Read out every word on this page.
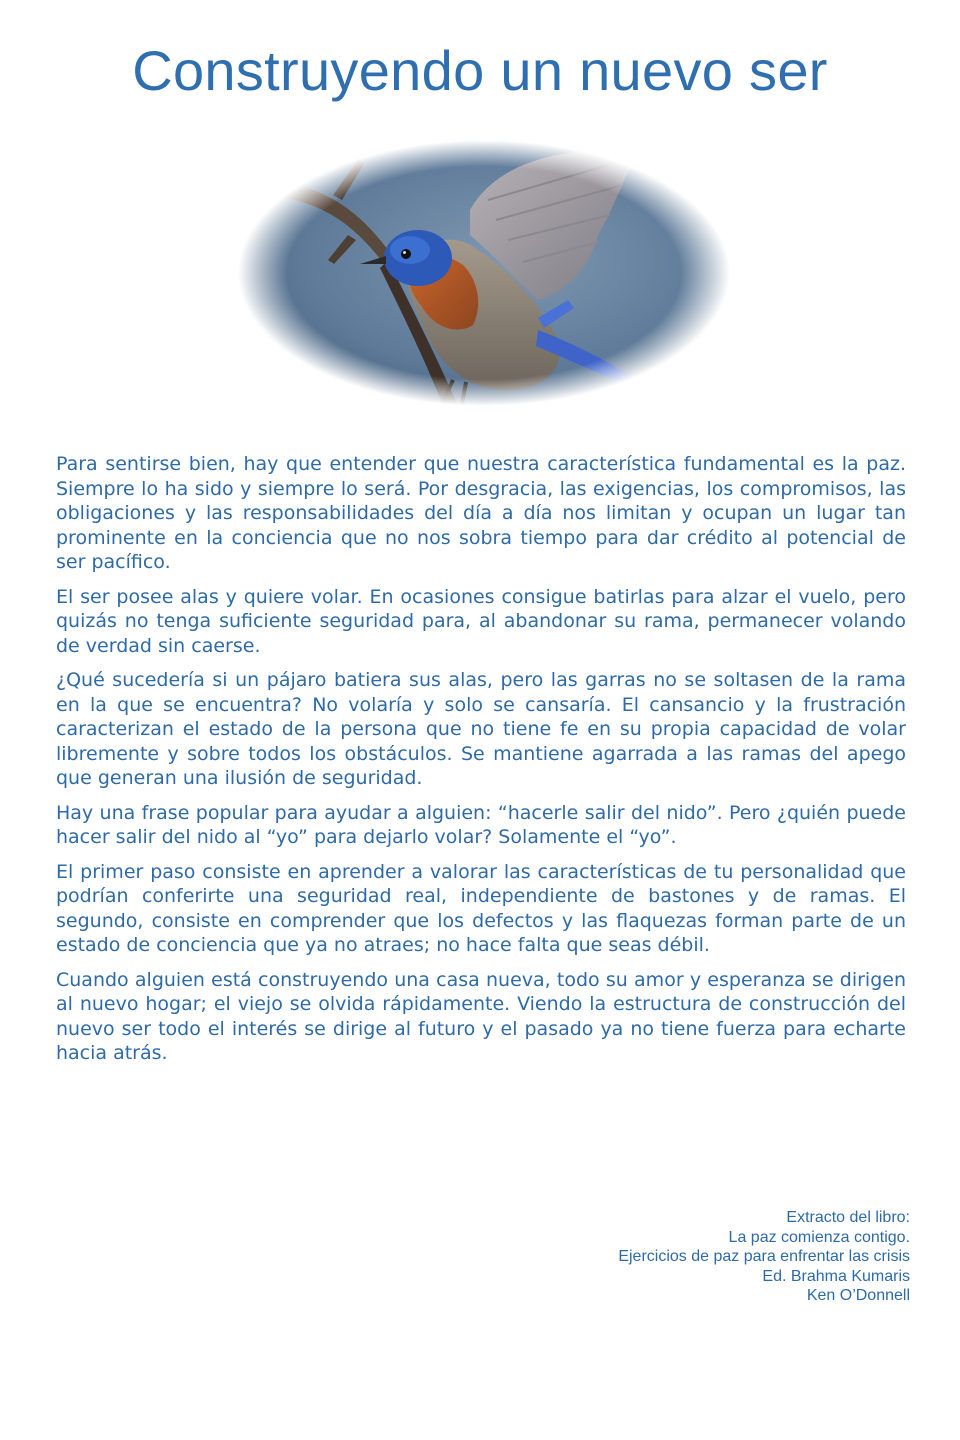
Construyendo un nuevo ser

Para sentirse bien, hay que entender que nuestra característica fundamental es la paz. Siempre lo ha sido y siempre lo será. Por desgracia, las exigencias, los compromisos, las obligaciones y las responsabilidades del día a día nos limitan y ocupan un lugar tan prominente en la conciencia que no nos sobra tiempo para dar crédito al potencial de ser pacífico.

El ser posee alas y quiere volar. En ocasiones consigue batirlas para alzar el vuelo, pero quizás no tenga suficiente seguridad para, al abandonar su rama, permanecer volando de verdad sin caerse.

¿Qué sucedería si un pájaro batiera sus alas, pero las garras no se soltasen de la rama en la que se encuentra? No volaría y solo se cansaría. El cansancio y la frustración caracterizan el estado de la persona que no tiene fe en su propia capacidad de volar libremente y sobre todos los obstáculos. Se mantiene agarrada a las ramas del apego que generan una ilusión de seguridad.

Hay una frase popular para ayudar a alguien: “hacerle salir del nido”. Pero ¿quién puede hacer salir del nido al “yo” para dejarlo volar? Solamente el “yo”.

El primer paso consiste en aprender a valorar las características de tu personalidad que podrían conferirte una seguridad real, independiente de bastones y de ramas. El segundo, consiste en comprender que los defectos y las flaquezas forman parte de un estado de conciencia que ya no atraes; no hace falta que seas débil.

Cuando alguien está construyendo una casa nueva, todo su amor y esperanza se dirigen al nuevo hogar; el viejo se olvida rápidamente. Viendo la estructura de construcción del nuevo ser todo el interés se dirige al futuro y el pasado ya no tiene fuerza para echarte hacia atrás.

Extracto del libro:
La paz comienza contigo.
Ejercicios de paz para enfrentar las crisis
Ed. Brahma Kumaris
Ken O’Donnell
